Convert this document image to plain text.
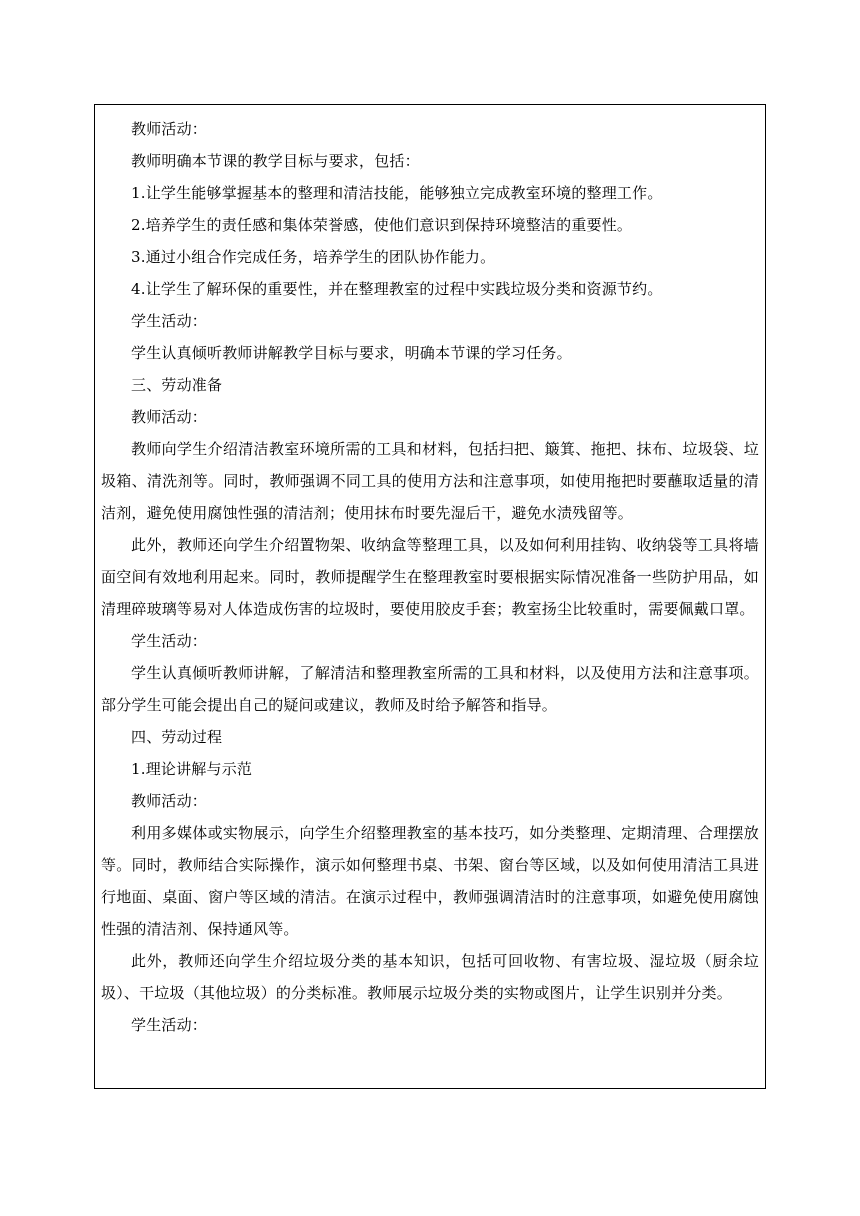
教师活动：

教师明确本节课的教学目标与要求，包括：

1.让学生能够掌握基本的整理和清洁技能，能够独立完成教室环境的整理工作。

2.培养学生的责任感和集体荣誉感，使他们意识到保持环境整洁的重要性。

3.通过小组合作完成任务，培养学生的团队协作能力。

4.让学生了解环保的重要性，并在整理教室的过程中实践垃圾分类和资源节约。

学生活动：

学生认真倾听教师讲解教学目标与要求，明确本节课的学习任务。

三、劳动准备

教师活动：

教师向学生介绍清洁教室环境所需的工具和材料，包括扫把、簸箕、拖把、抹布、垃圾袋、垃圾箱、清洗剂等。同时，教师强调不同工具的使用方法和注意事项，如使用拖把时要蘸取适量的清洁剂，避免使用腐蚀性强的清洁剂；使用抹布时要先湿后干，避免水渍残留等。

此外，教师还向学生介绍置物架、收纳盒等整理工具，以及如何利用挂钩、收纳袋等工具将墙面空间有效地利用起来。同时，教师提醒学生在整理教室时要根据实际情况准备一些防护用品，如清理碎玻璃等易对人体造成伤害的垃圾时，要使用胶皮手套；教室扬尘比较重时，需要佩戴口罩。

学生活动：

学生认真倾听教师讲解，了解清洁和整理教室所需的工具和材料，以及使用方法和注意事项。部分学生可能会提出自己的疑问或建议，教师及时给予解答和指导。

四、劳动过程

1.理论讲解与示范

教师活动：

利用多媒体或实物展示，向学生介绍整理教室的基本技巧，如分类整理、定期清理、合理摆放等。同时，教师结合实际操作，演示如何整理书桌、书架、窗台等区域，以及如何使用清洁工具进行地面、桌面、窗户等区域的清洁。在演示过程中，教师强调清洁时的注意事项，如避免使用腐蚀性强的清洁剂、保持通风等。

此外，教师还向学生介绍垃圾分类的基本知识，包括可回收物、有害垃圾、湿垃圾（厨余垃圾）、干垃圾（其他垃圾）的分类标准。教师展示垃圾分类的实物或图片，让学生识别并分类。

学生活动：
